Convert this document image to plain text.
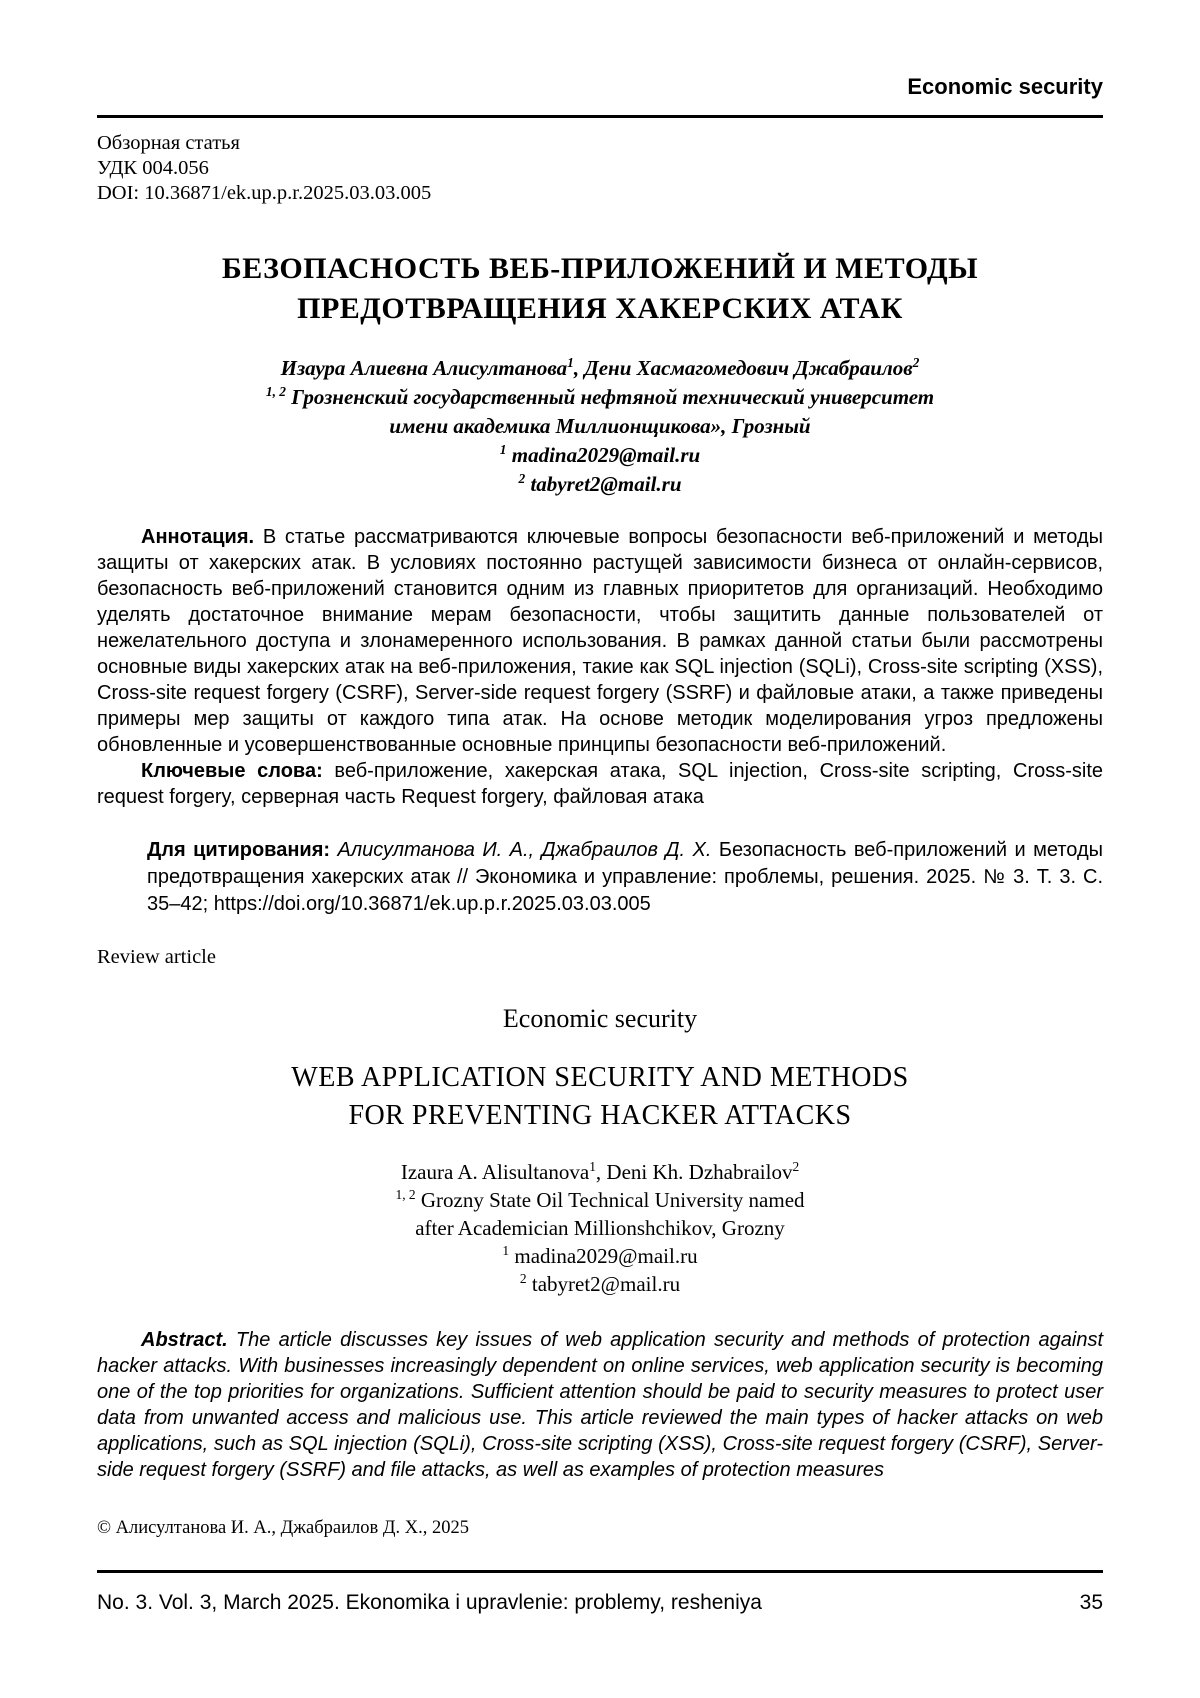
Economic security
Обзорная статья
УДК 004.056
DOI: 10.36871/ek.up.p.r.2025.03.03.005
БЕЗОПАСНОСТЬ ВЕБ-ПРИЛОЖЕНИЙ И МЕТОДЫ
ПРЕДОТВРАЩЕНИЯ ХАКЕРСКИХ АТАК
Изаура Алиевна Алисултанова$^1$, Дени Хасмагомедович Джабраилов$^2$
$^{1, 2}$ Грозненский государственный нефтяной технический университет
имени академика Миллионщикова», Грозный
$^1$ madina2029@mail.ru
$^2$ tabyret2@mail.ru

Аннотация. В статье рассматриваются ключевые вопросы безопасности веб-приложений и методы защиты от хакерских атак. В условиях постоянно растущей зависимости бизнеса от онлайн-сервисов, безопасность веб-приложений становится одним из главных приоритетов для организаций. Необходимо уделять достаточное внимание мерам безопасности, чтобы защитить данные пользователей от нежелательного доступа и злонамеренного использования. В рамках данной статьи были рассмотрены основные виды хакерских атак на веб-приложения, такие как SQL injection (SQLi), Cross-site scripting (XSS), Cross-site request forgery (CSRF), Server-side request forgery (SSRF) и файловые атаки, а также приведены примеры мер защиты от каждого типа атак. На основе методик моделирования угроз предложены обновленные и усовершенствованные основные принципы безопасности веб-приложений.

Ключевые слова: веб-приложение, хакерская атака, SQL injection, Cross-site scripting, Cross-site request forgery, серверная часть Request forgery, файловая атака

Для цитирования: Алисултанова И. А., Джабраилов Д. Х. Безопасность веб-приложений и методы предотвращения хакерских атак // Экономика и управление: проблемы, решения. 2025. № 3. Т. 3. С. 35–42; https://doi.org/10.36871/ek.up.p.r.2025.03.03.005

Review article
Economic security
WEB APPLICATION SECURITY AND METHODS
FOR PREVENTING HACKER ATTACKS
Izaura A. Alisultanova$^1$, Deni Kh. Dzhabrailov$^2$
$^{1, 2}$ Grozny State Oil Technical University named
after Academician Millionshchikov, Grozny
$^1$ madina2029@mail.ru
$^2$ tabyret2@mail.ru

Abstract. The article discusses key issues of web application security and methods of protection against hacker attacks. With businesses increasingly dependent on online services, web application security is becoming one of the top priorities for organizations. Sufficient attention should be paid to security measures to protect user data from unwanted access and malicious use. This article reviewed the main types of hacker attacks on web applications, such as SQL injection (SQLi), Cross-site scripting (XSS), Cross-site request forgery (CSRF), Server-side request forgery (SSRF) and file attacks, as well as examples of protection measures

© Алисултанова И. А., Джабраилов Д. Х., 2025
No. 3. Vol. 3, March 2025. Ekonomika i upravlenie: problemy, resheniya	35
